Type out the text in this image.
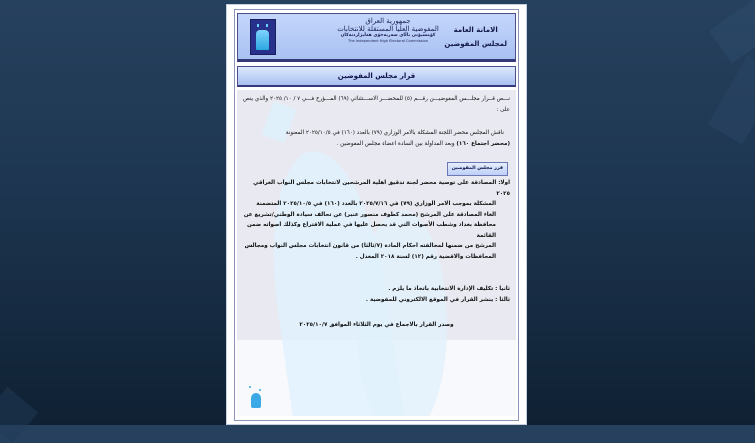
جمهورية العراق
المفوضية العليا المستقلة للانتخابات
كۆمسیۆنی باڵای سەربەخۆی هەڵبژاردنەکان
The Independent High Electoral Commission
الامانة العامة
لمجلس المفوضين
قرار مجلس المفوضين
نـــص قــرار مجلـــس المفوضيـــن رقـــم (٥) للمحضـــر الاســـتثنائي (٦٩) المـــؤرخ فـــي ٧ / ١٠/ ٢٠٢٥ والذي ينص على :
ناقش المجلس محضر اللجنة المشكلة بالامر الوزاري (٧٩) بالعدد (١٦٠) في ٢٠٢٥/١٠/٥ المعنونة
(محضر اجتماع ١٦٠) وبعد المداولة بين السادة اعضاء مجلس المفوضين .
قرر مجلس المفوضين
اولا: المصادقة على توصية محضر لجنة تدقيق اهلية المرشحين لانتخابات مجلس النواب العراقي ٢٠٢٥
المشكلة بموجب الامر الوزاري (٧٩) في ٢٠٢٥/٧/١٦ بالعدد (١٦٠) في ٢٠٢٥/١٠/٥ المتضمنة
الغاء المصادقة على المرشح (محمد كطوف منصور عنبر) عن تحالف سيادة الوطني/تشريع عن
محافظة بغداد وشطب الأصوات التي قد يحصل عليها في عملية الاقتراع وكذلك اصواته ضمن القائمة
المرشح من ضمنها لمخالفته احكام المادة (٧/ثالثا) من قانون انتخابات مجلس النواب ومجالس
المحافظات والاقضية رقم (١٢) لسنة ٢٠١٨ المعدل .
ثانيا : تكليف الإدارة الانتخابية باتخاذ ما يلزم .
ثالثا : ينشر القرار في الموقع الالكتروني للمفوضية .
وصدر القرار بالاجماع في يوم الثلاثاء الموافق ٢٠٢٥/١٠/٧
